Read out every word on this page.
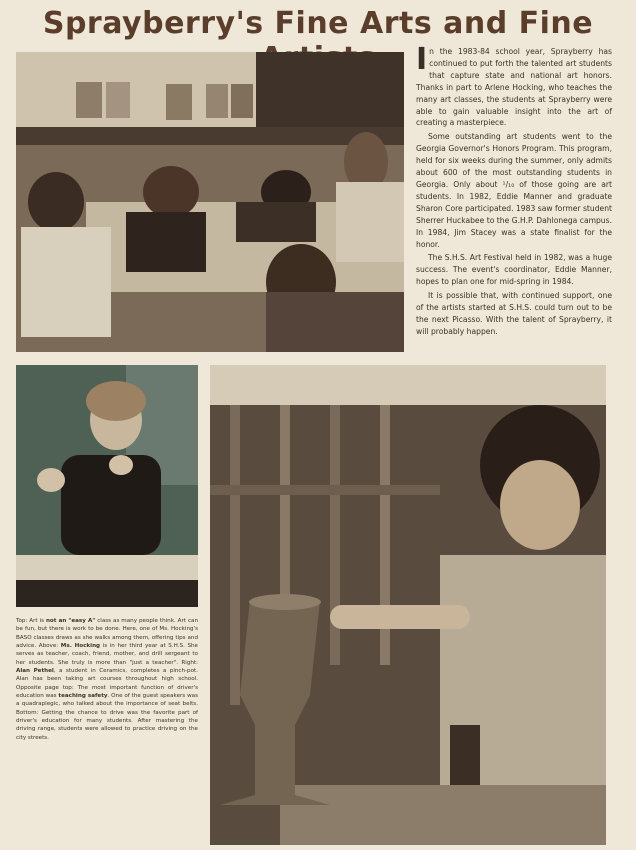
Sprayberry's Fine Arts and Fine

In the 1983-84 school year, Sprayberry has continued to put forth the talented art students that capture state and national art honors. Thanks in part to Arlene Hocking, who teaches the many art classes, the students at Sprayberry were able to gain valuable insight into the art of creating a masterpiece.

Some outstanding art students went to the Georgia Governor's Honors Program. This program, held for six weeks during the summer, only admits about 600 of the most outstanding students in Georgia. Only about ¹/₁₀ of those going are art students. In 1982, Eddie Manner and graduate Sharon Core participated. 1983 saw former student Sherrer Huckabee to the G.H.P. Dahlonega campus. In 1984, Jim Stacey was a state finalist for the honor.

The S.H.S. Art Festival held in 1982, was a huge success. The event's coordinator, Eddie Manner, hopes to plan one for mid-spring in 1984.

It is possible that, with continued support, one of the artists started at S.H.S. could turn out to be the next Picasso. With the talent of Sprayberry, it will probably happen.

Top: Art is not an "easy A" class as many people think. Art can be fun, but there is work to be done. Here, one of Ms. Hocking's BASO classes draws as she walks among them, offering tips and advice. Above: Ms. Hocking is in her third year at S.H.S. She serves as teacher, coach, friend, mother, and drill sergeant to her students. She truly is more than "just a teacher". Right: Alan Pethel, a student in Ceramics, completes a pinch-pot. Alan has been taking art courses throughout high school. Opposite page top: The most important function of driver's education was teaching safety. One of the guest speakers was a quadraplegic, who talked about the importance of seat belts. Bottom: Getting the chance to drive was the favorite part of driver's education for many students. After mastering the driving range, students were allowed to practice driving on the city streets.
